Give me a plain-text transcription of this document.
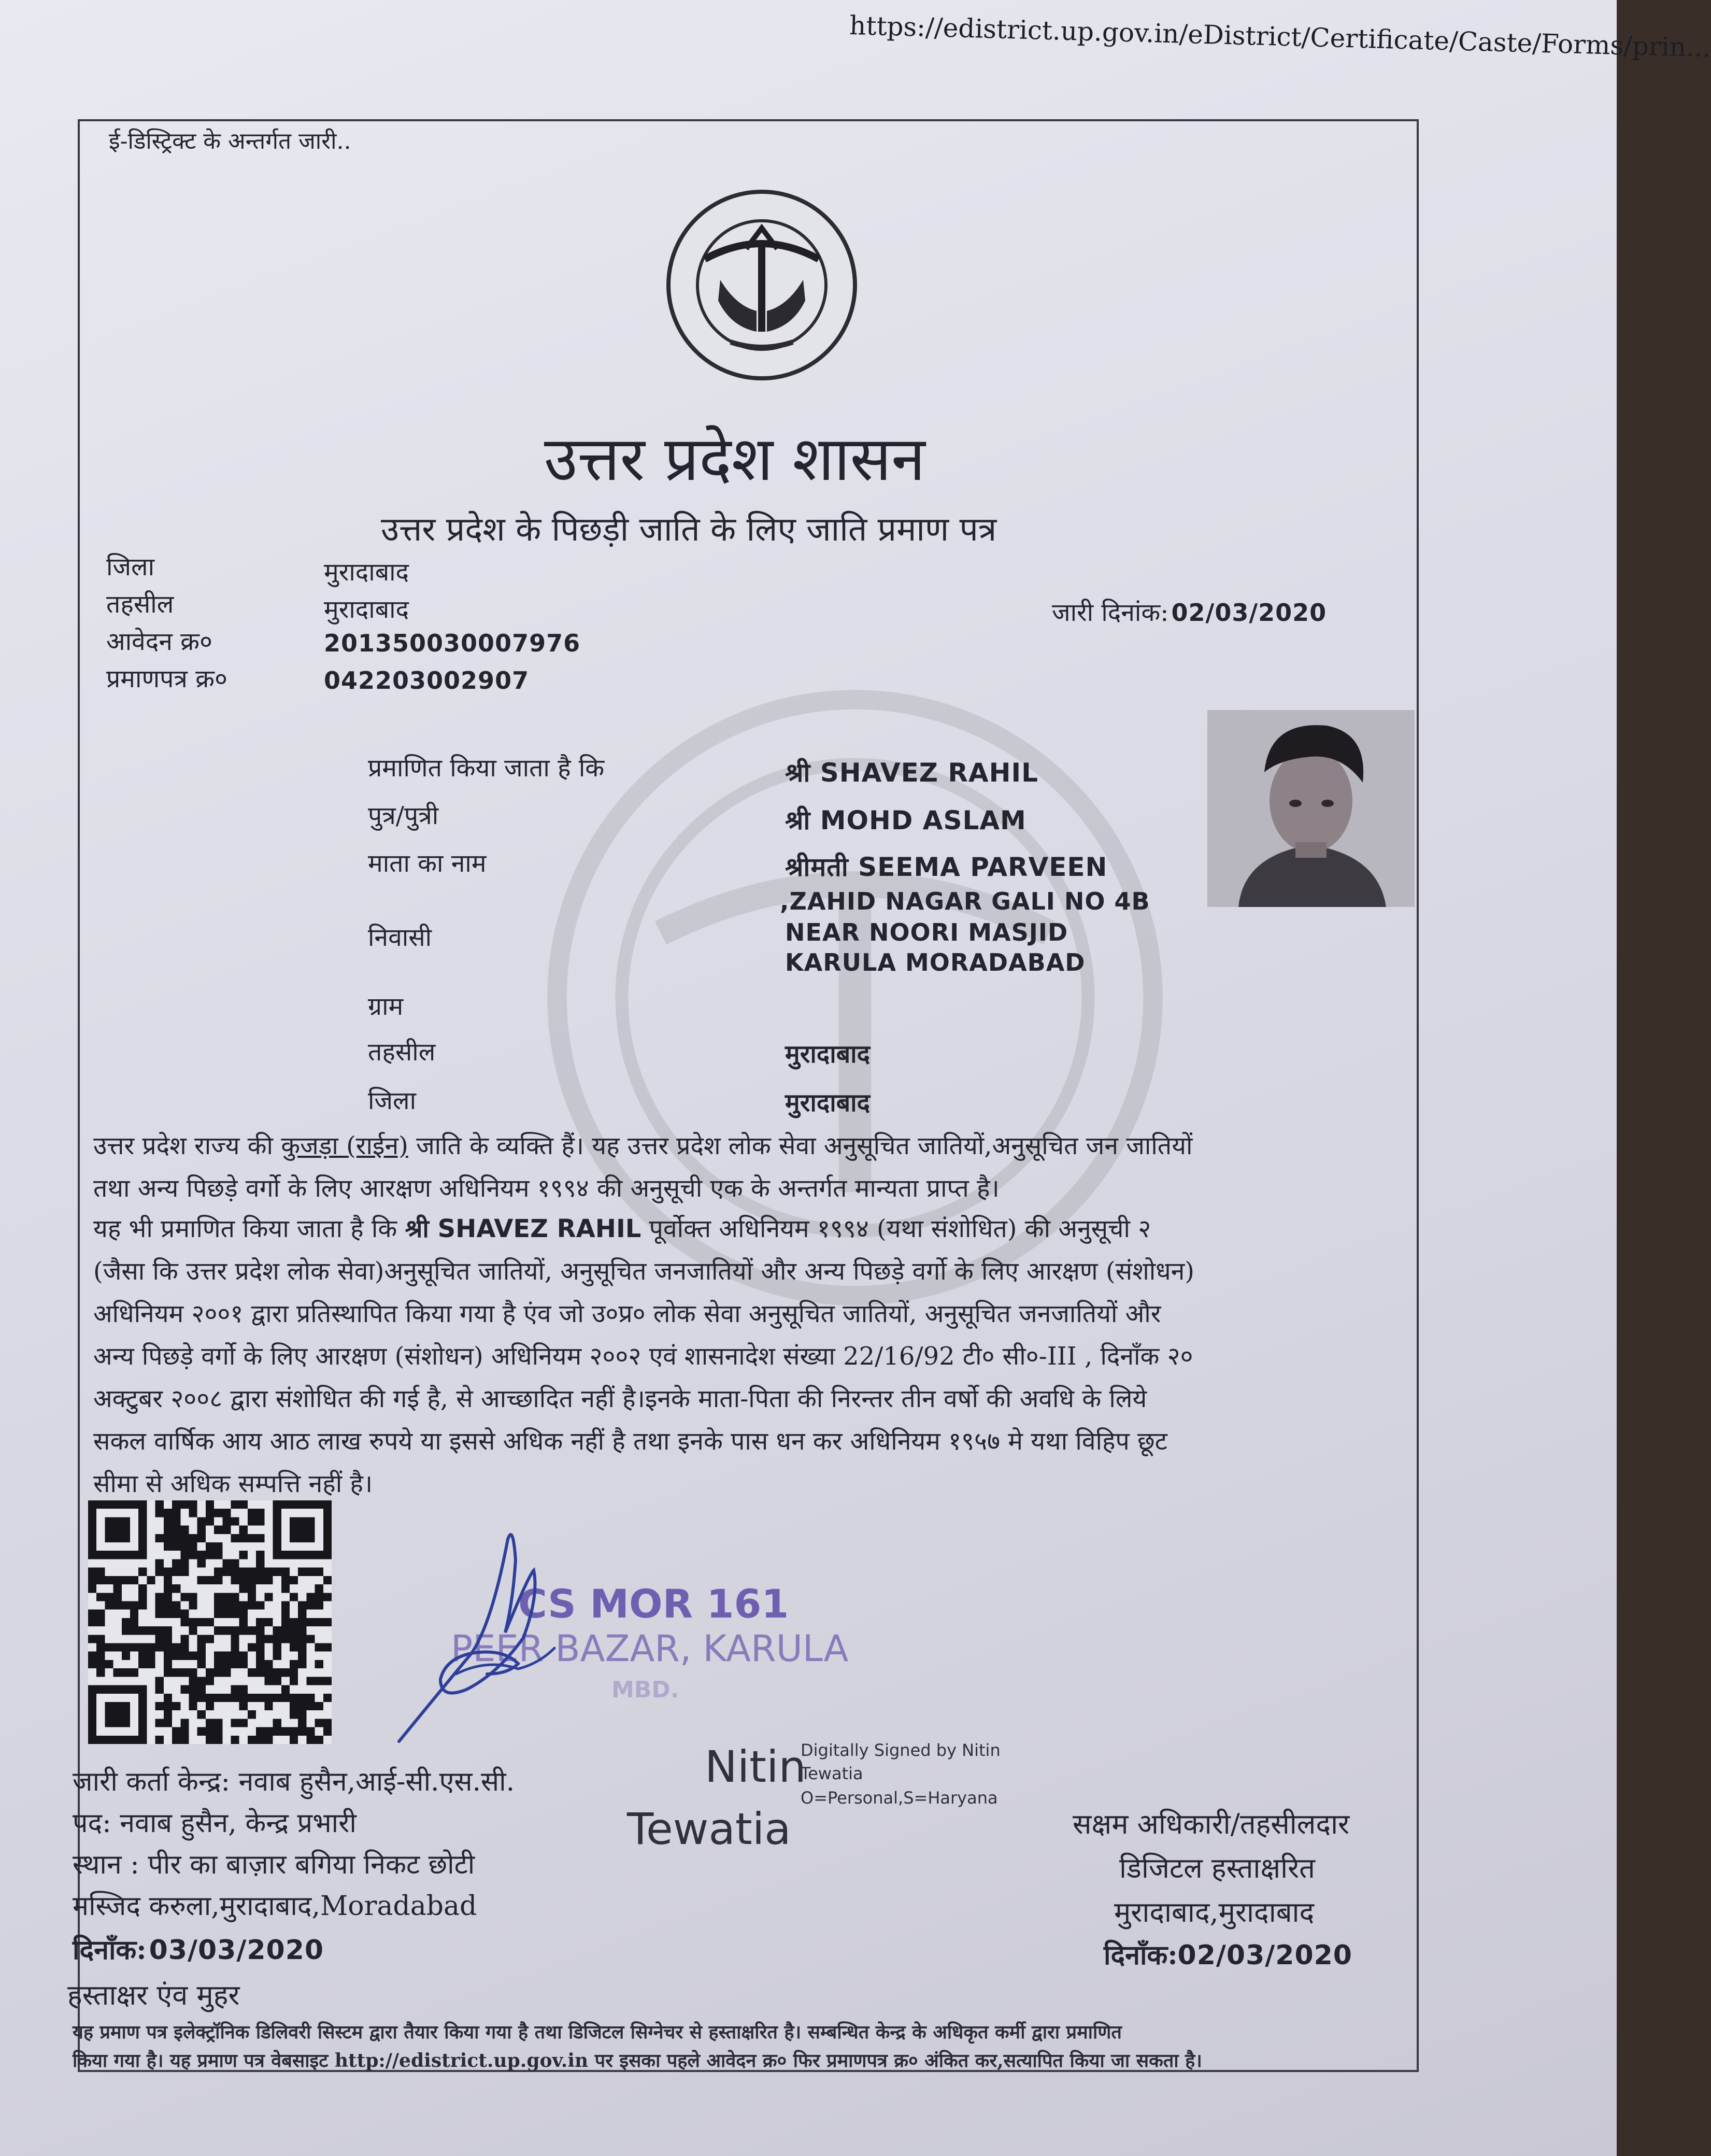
https://edistrict.up.gov.in/eDistrict/Certificate/Caste/Forms/prin...
ई-डिस्ट्रिक्ट के अन्तर्गत जारी..
उत्तर प्रदेश शासन
उत्तर प्रदेश के पिछड़ी जाति के लिए जाति प्रमाण पत्र
जिला	मुरादाबाद
तहसील	मुरादाबाद
आवेदन क्र०	201350030007976
प्रमाणपत्र क्र०	042203002907
जारी दिनांक: 02/03/2020
प्रमाणित किया जाता है कि	श्री SHAVEZ RAHIL
पुत्र/पुत्री	श्री MOHD ASLAM
माता का नाम	श्रीमती SEEMA PARVEEN
,ZAHID NAGAR GALI NO 4B
निवासी	NEAR NOORI MASJID
KARULA MORADABAD
ग्राम
तहसील	मुरादाबाद
जिला	मुरादाबाद
उत्तर प्रदेश राज्य की कुजड़ा (राईन) जाति के व्यक्ति हैं। यह उत्तर प्रदेश लोक सेवा अनुसूचित जातियों,अनुसूचित जन जातियों
तथा अन्य पिछड़े वर्गो के लिए आरक्षण अधिनियम १९९४ की अनुसूची एक के अन्तर्गत मान्यता प्राप्त है।
यह भी प्रमाणित किया जाता है कि श्री SHAVEZ RAHIL पूर्वोक्त अधिनियम १९९४ (यथा संशोधित) की अनुसूची २
(जैसा कि उत्तर प्रदेश लोक सेवा)अनुसूचित जातियों, अनुसूचित जनजातियों और अन्य पिछड़े वर्गो के लिए आरक्षण (संशोधन)
अधिनियम २००१ द्वारा प्रतिस्थापित किया गया है एंव जो उ०प्र० लोक सेवा अनुसूचित जातियों, अनुसूचित जनजातियों और
अन्य पिछड़े वर्गो के लिए आरक्षण (संशोधन) अधिनियम २००२ एवं शासनादेश संख्या 22/16/92 टी० सी०-III , दिनाँक २०
अक्टुबर २००८ द्वारा संशोधित की गई है, से आच्छादित नहीं है।इनके माता-पिता की निरन्तर तीन वर्षो की अवधि के लिये
सकल वार्षिक आय आठ लाख रुपये या इससे अधिक नहीं है तथा इनके पास धन कर अधिनियम १९५७ मे यथा विहिप छूट
सीमा से अधिक सम्पत्ति नहीं है।
CS MOR 161
PEER BAZAR, KARULA
MBD.
Nitin
Tewatia
Digitally Signed by Nitin
Tewatia
O=Personal,S=Haryana
जारी कर्ता केन्द्र: नवाब हुसैन,आई-सी.एस.सी.
पद: नवाब हुसैन, केन्द्र प्रभारी
स्थान : पीर का बाज़ार बगिया निकट छोटी
मस्जिद करुला,मुरादाबाद,Moradabad
दिनाँक: 03/03/2020
हस्ताक्षर एंव मुहर
सक्षम अधिकारी/तहसीलदार
डिजिटल हस्ताक्षरित
मुरादाबाद,मुरादाबाद
दिनाँक:02/03/2020
यह प्रमाण पत्र इलेक्ट्रॉनिक डिलिवरी सिस्टम द्वारा तैयार किया गया है तथा डिजिटल सिग्नेचर से हस्ताक्षरित है। सम्बन्धित केन्द्र के अधिकृत कर्मी द्वारा प्रमाणित
किया गया है। यह प्रमाण पत्र वेबसाइट http://edistrict.up.gov.in पर इसका पहले आवेदन क्र० फिर प्रमाणपत्र क्र० अंकित कर,सत्यापित किया जा सकता है।
